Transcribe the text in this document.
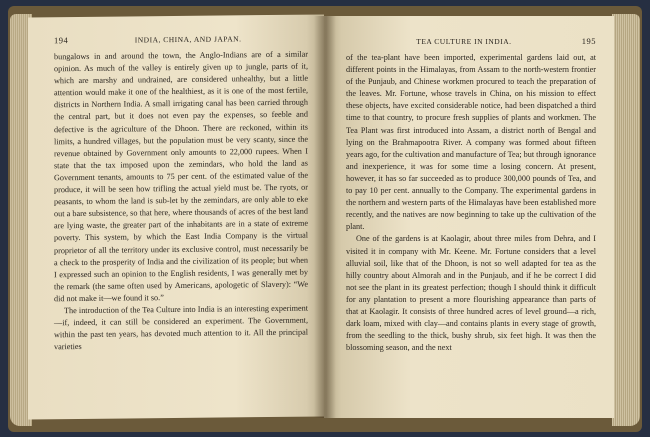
194	INDIA, CHINA, AND JAPAN.

bungalows in and around the town, the Anglo-Indians are of a similar opinion. As much of the valley is entirely given up to jungle, parts of it, which are marshy and undrained, are considered unhealthy, but a little attention would make it one of the healthiest, as it is one of the most fertile, districts in Northern India. A small irrigating canal has been carried through the central part, but it does not even pay the expenses, so feeble and defective is the agriculture of the Dhoon. There are reckoned, within its limits, a hundred villages, but the population must be very scanty, since the revenue obtained by Government only amounts to 22,000 rupees. When I state that the tax imposed upon the zemindars, who hold the land as Government tenants, amounts to 75 per cent. of the estimated value of the produce, it will be seen how trifling the actual yield must be. The ryots, or peasants, to whom the land is sub-let by the zemindars, are only able to eke out a bare subsistence, so that here, where thousands of acres of the best land are lying waste, the greater part of the inhabitants are in a state of extreme poverty. This system, by which the East India Company is the virtual proprietor of all the territory under its exclusive control, must necessarily be a check to the prosperity of India and the civilization of its people; but when I expressed such an opinion to the English residents, I was generally met by the remark (the same often used by Americans, apologetic of Slavery): “We did not make it—we found it so.”

The introduction of the Tea Culture into India is an interesting experiment—if, indeed, it can still be considered an experiment. The Government, within the past ten years, has devoted much attention to it. All the principal varieties

TEA CULTURE IN INDIA.	195

of the tea-plant have been imported, experimental gardens laid out, at different points in the Himalayas, from Assam to the north-western frontier of the Punjaub, and Chinese workmen procured to teach the preparation of the leaves. Mr. Fortune, whose travels in China, on his mission to effect these objects, have excited considerable notice, had been dispatched a third time to that country, to procure fresh supplies of plants and workmen. The Tea Plant was first introduced into Assam, a district north of Bengal and lying on the Brahmapootra River. A company was formed about fifteen years ago, for the cultivation and manufacture of Tea; but through ignorance and inexperience, it was for some time a losing concern. At present, however, it has so far succeeded as to produce 300,000 pounds of Tea, and to pay 10 per cent. annually to the Company. The experimental gardens in the northern and western parts of the Himalayas have been established more recently, and the natives are now beginning to take up the cultivation of the plant.

One of the gardens is at Kaolagir, about three miles from Dehra, and I visited it in company with Mr. Keene. Mr. Fortune considers that a level alluvial soil, like that of the Dhoon, is not so well adapted for tea as the hilly country about Almorah and in the Punjaub, and if he be correct I did not see the plant in its greatest perfection; though I should think it difficult for any plantation to present a more flourishing appearance than parts of that at Kaolagir. It consists of three hundred acres of level ground—a rich, dark loam, mixed with clay—and contains plants in every stage of growth, from the seedling to the thick, bushy shrub, six feet high. It was then the blossoming season, and the next
